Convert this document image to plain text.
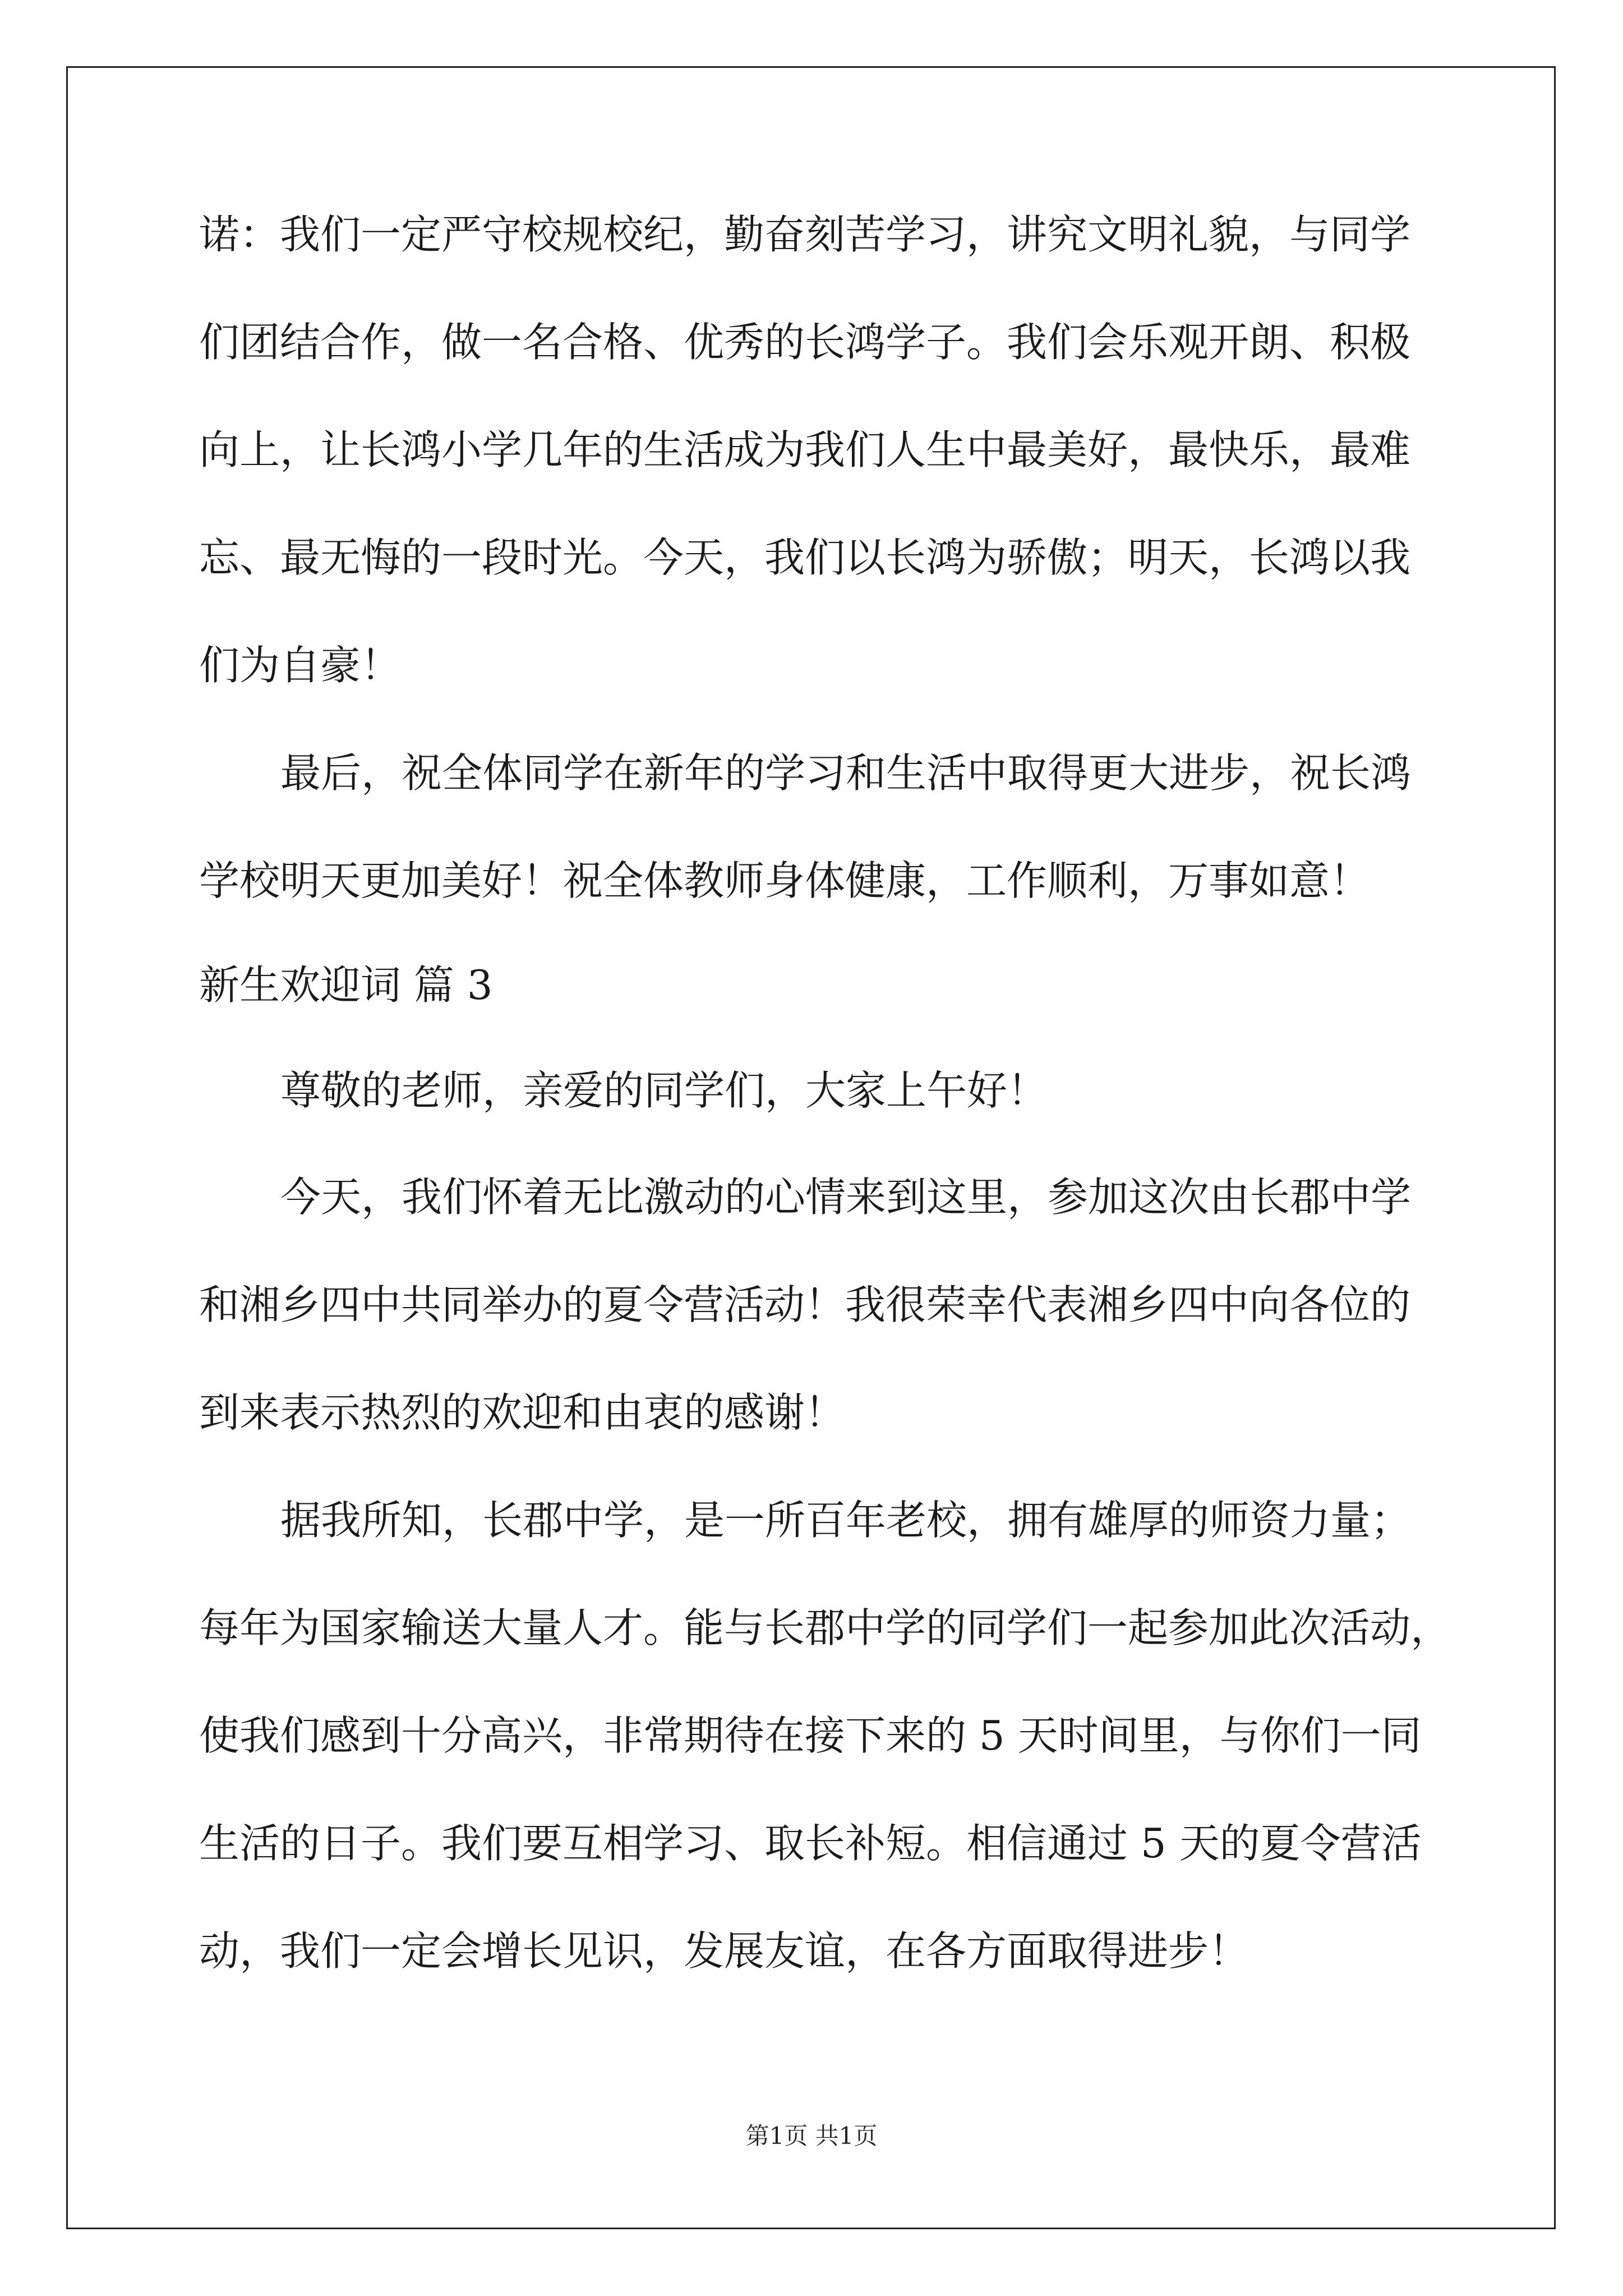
诺：我们一定严守校规校纪，勤奋刻苦学习，讲究文明礼貌，与同学
们团结合作，做一名合格、优秀的长鸿学子。我们会乐观开朗、积极
向上，让长鸿小学几年的生活成为我们人生中最美好，最快乐，最难
忘、最无悔的一段时光。今天，我们以长鸿为骄傲；明天，长鸿以我
们为自豪！
最后，祝全体同学在新年的学习和生活中取得更大进步，祝长鸿
学校明天更加美好！祝全体教师身体健康，工作顺利，万事如意！
新生欢迎词 篇 3
尊敬的老师，亲爱的同学们，大家上午好！
今天，我们怀着无比激动的心情来到这里，参加这次由长郡中学
和湘乡四中共同举办的夏令营活动！我很荣幸代表湘乡四中向各位的
到来表示热烈的欢迎和由衷的感谢！
据我所知，长郡中学，是一所百年老校，拥有雄厚的师资力量；
每年为国家输送大量人才。能与长郡中学的同学们一起参加此次活动，
使我们感到十分高兴，非常期待在接下来的 5 天时间里，与你们一同
生活的日子。我们要互相学习、取长补短。相信通过 5 天的夏令营活
动，我们一定会增长见识，发展友谊，在各方面取得进步！
第1页 共1页
